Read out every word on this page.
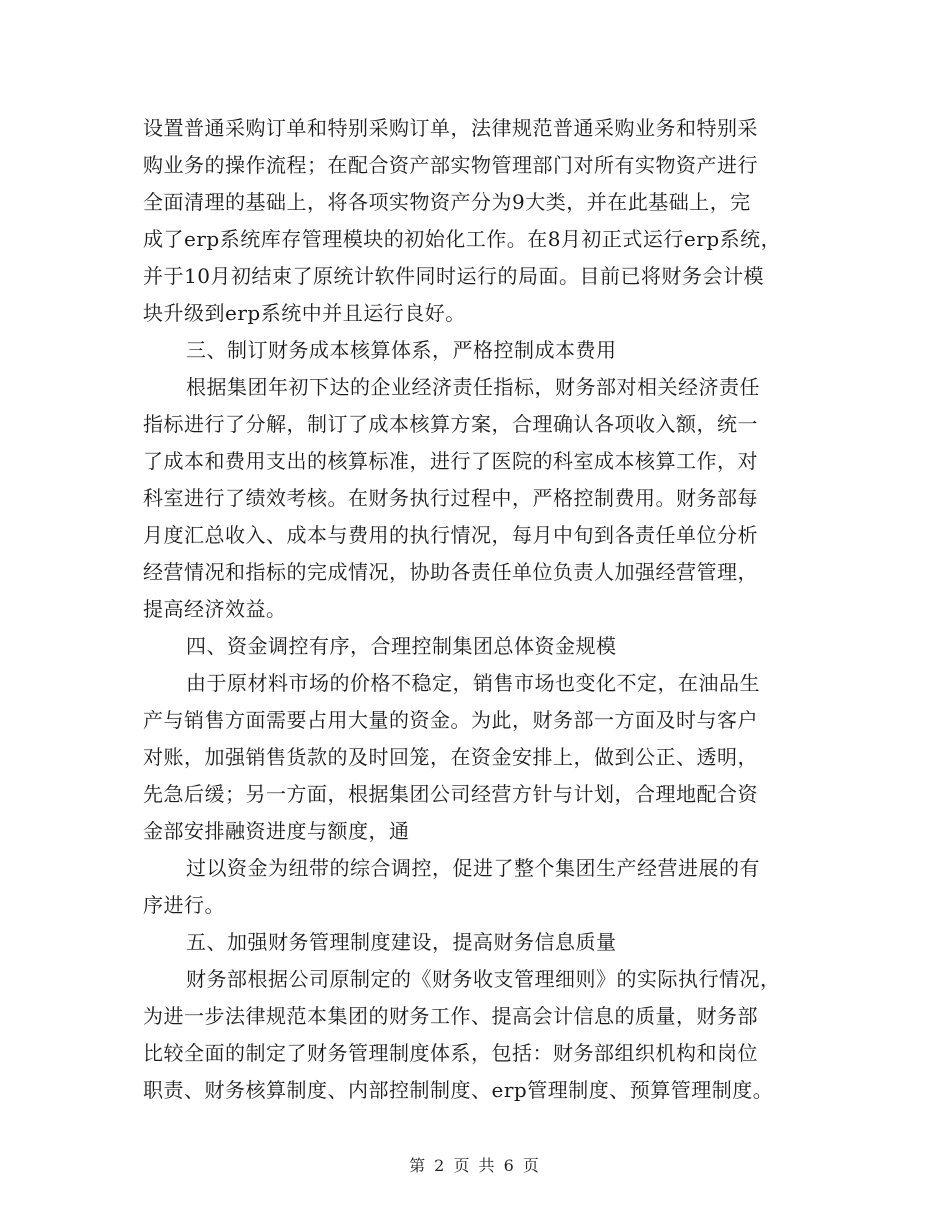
设置普通采购订单和特别采购订单，法律规范普通采购业务和特别采
购业务的操作流程；在配合资产部实物管理部门对所有实物资产进行
全面清理的基础上，将各项实物资产分为9大类，并在此基础上，完
成了erp系统库存管理模块的初始化工作。在8月初正式运行erp系统，
并于10月初结束了原统计软件同时运行的局面。目前已将财务会计模
块升级到erp系统中并且运行良好。
三、制订财务成本核算体系，严格控制成本费用
根据集团年初下达的企业经济责任指标，财务部对相关经济责任
指标进行了分解，制订了成本核算方案，合理确认各项收入额，统一
了成本和费用支出的核算标准，进行了医院的科室成本核算工作，对
科室进行了绩效考核。在财务执行过程中，严格控制费用。财务部每
月度汇总收入、成本与费用的执行情况，每月中旬到各责任单位分析
经营情况和指标的完成情况，协助各责任单位负责人加强经营管理，
提高经济效益。
四、资金调控有序，合理控制集团总体资金规模
由于原材料市场的价格不稳定，销售市场也变化不定，在油品生
产与销售方面需要占用大量的资金。为此，财务部一方面及时与客户
对账，加强销售货款的及时回笼，在资金安排上，做到公正、透明，
先急后缓；另一方面，根据集团公司经营方针与计划，合理地配合资
金部安排融资进度与额度，通
过以资金为纽带的综合调控，促进了整个集团生产经营进展的有
序进行。
五、加强财务管理制度建设，提高财务信息质量
财务部根据公司原制定的《财务收支管理细则》的实际执行情况，
为进一步法律规范本集团的财务工作、提高会计信息的质量，财务部
比较全面的制定了财务管理制度体系，包括：财务部组织机构和岗位
职责、财务核算制度、内部控制制度、erp管理制度、预算管理制度。
第 2 页 共 6 页
